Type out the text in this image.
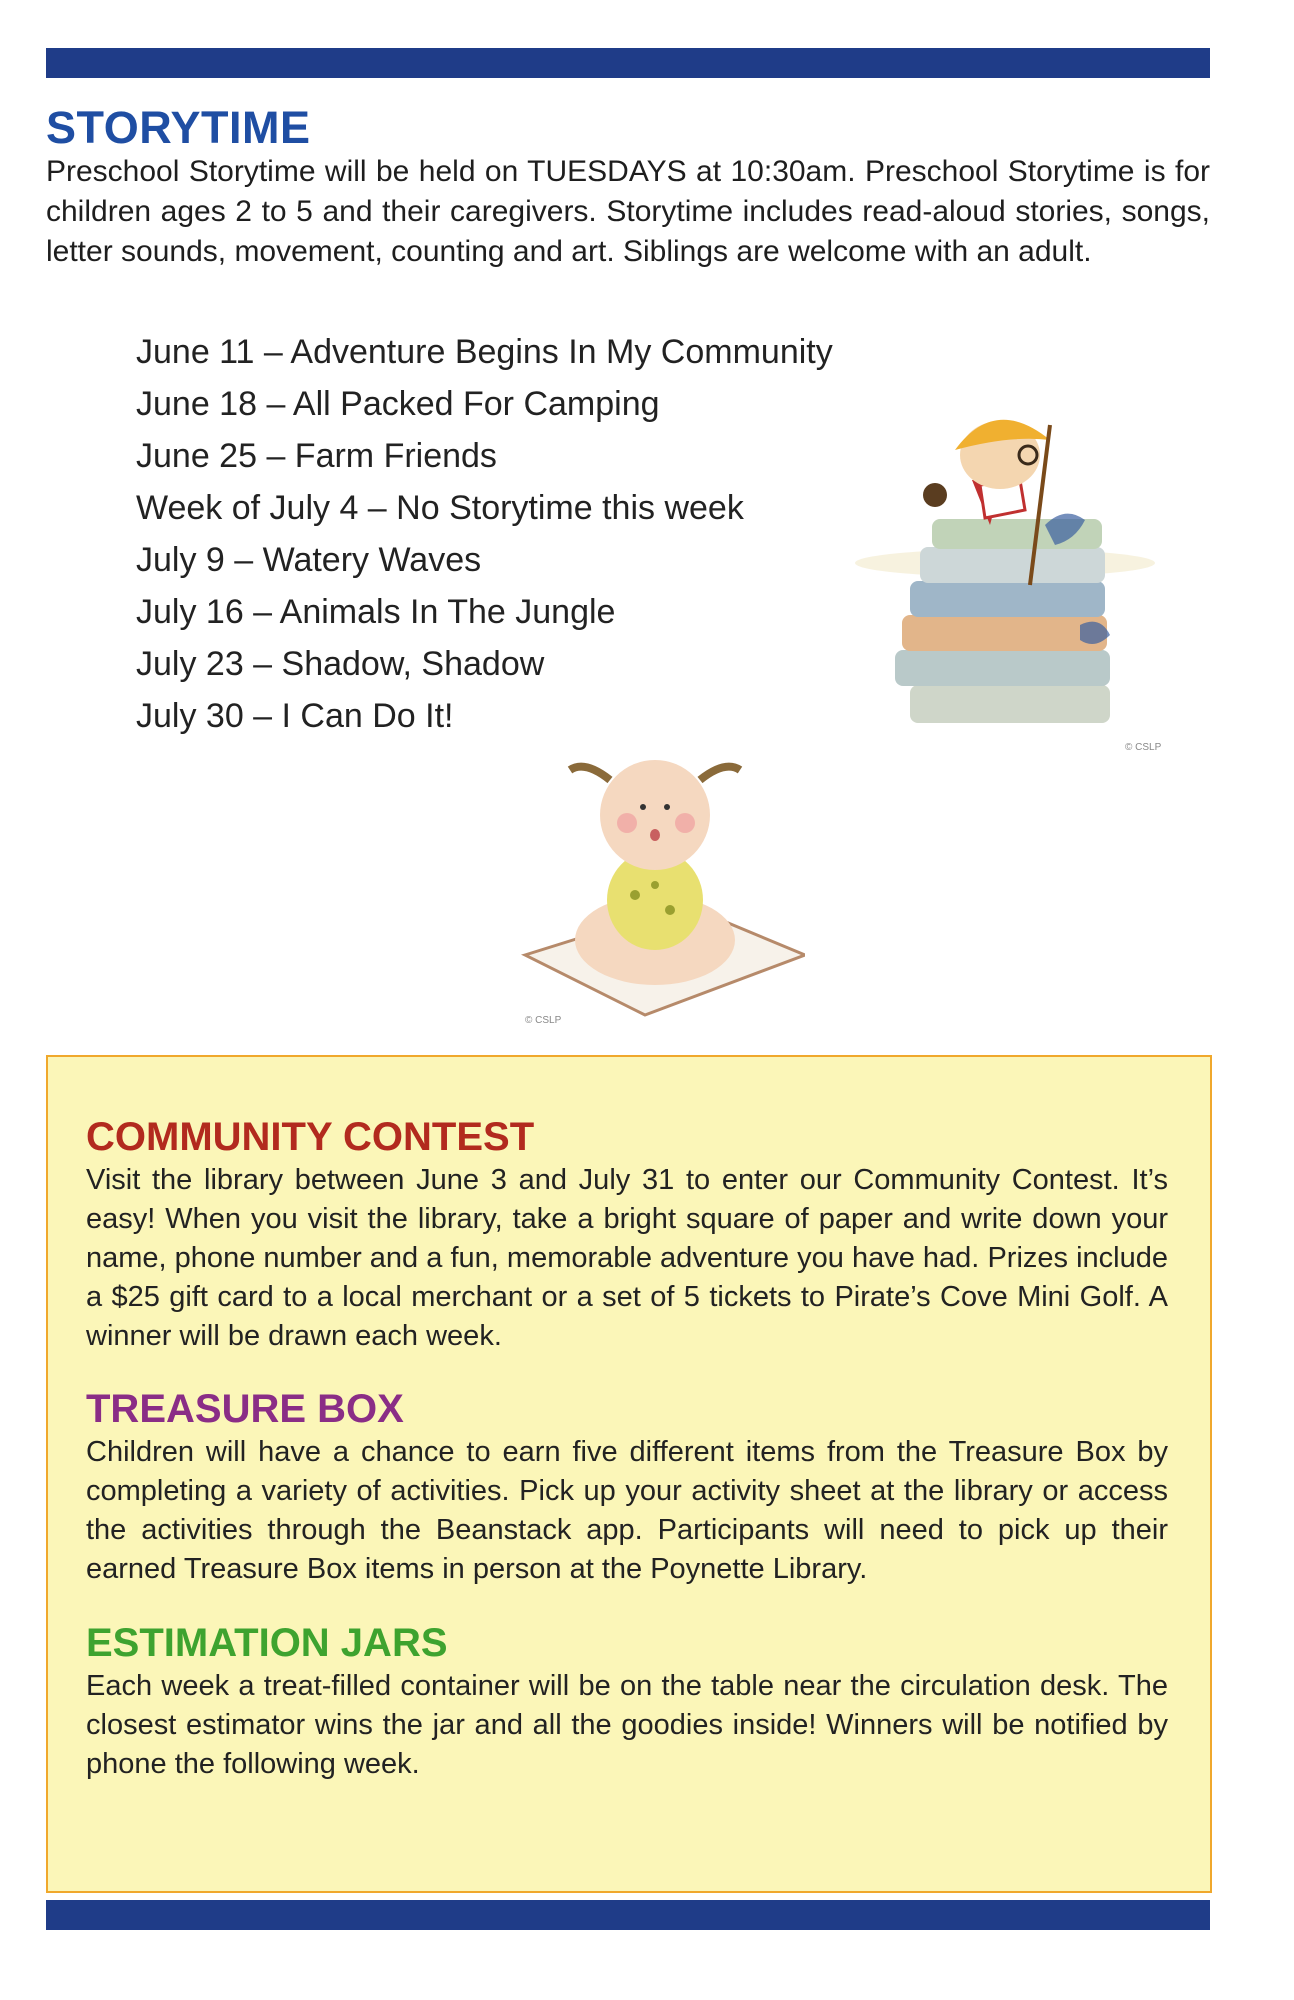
STORYTIME

Preschool Storytime will be held on TUESDAYS at 10:30am. Preschool Storytime is for children ages 2 to 5 and their caregivers. Storytime includes read-aloud stories, songs, letter sounds, movement, counting and art. Siblings are welcome with an adult.

June 11 – Adventure Begins In My Community
June 18 – All Packed For Camping
June 25 – Farm Friends
Week of July 4 – No Storytime this week
July 9 – Watery Waves
July 16 – Animals In The Jungle
July 23 – Shadow, Shadow
July 30 – I Can Do It!
© CSLP
© CSLP
COMMUNITY CONTEST

Visit the library between June 3 and July 31 to enter our Community Contest. It’s easy! When you visit the library, take a bright square of paper and write down your name, phone number and a fun, memorable adventure you have had. Prizes include a $25 gift card to a local merchant or a set of 5 tickets to Pirate’s Cove Mini Golf. A winner will be drawn each week.

TREASURE BOX

Children will have a chance to earn five different items from the Treasure Box by completing a variety of activities. Pick up your activity sheet at the library or access the activities through the Beanstack app. Participants will need to pick up their earned Treasure Box items in person at the Poynette Library.

ESTIMATION JARS

Each week a treat-filled container will be on the table near the circulation desk. The closest estimator wins the jar and all the goodies inside! Winners will be notified by phone the following week.
